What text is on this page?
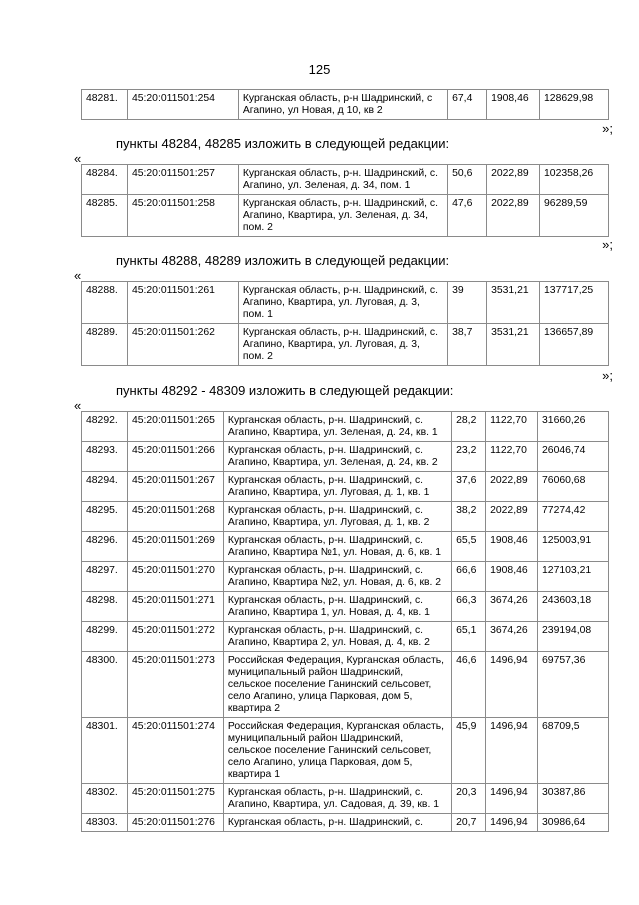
125
48281.	45:20:011501:254	Курганская область, р-н Шадринский, с Агапино, ул Новая, д 10, кв 2	67,4	1908,46	128629,98
»;
пункты 48284, 48285 изложить в следующей редакции:
«
48284.	45:20:011501:257	Курганская область, р-н. Шадринский, с. Агапино, ул. Зеленая, д. 34, пом. 1	50,6	2022,89	102358,26
48285.	45:20:011501:258	Курганская область, р-н. Шадринский, с. Агапино, Квартира, ул. Зеленая, д. 34, пом. 2	47,6	2022,89	96289,59
»;
пункты 48288, 48289 изложить в следующей редакции:
«
48288.	45:20:011501:261	Курганская область, р-н. Шадринский, с. Агапино, Квартира, ул. Луговая, д. 3, пом. 1	39	3531,21	137717,25
48289.	45:20:011501:262	Курганская область, р-н. Шадринский, с. Агапино, Квартира, ул. Луговая, д. 3, пом. 2	38,7	3531,21	136657,89
»;
пункты 48292 - 48309 изложить в следующей редакции:
«
48292.	45:20:011501:265	Курганская область, р-н. Шадринский, с. Агапино, Квартира, ул. Зеленая, д. 24, кв. 1	28,2	1122,70	31660,26
48293.	45:20:011501:266	Курганская область, р-н. Шадринский, с. Агапино, Квартира, ул. Зеленая, д. 24, кв. 2	23,2	1122,70	26046,74
48294.	45:20:011501:267	Курганская область, р-н. Шадринский, с. Агапино, Квартира, ул. Луговая, д. 1, кв. 1	37,6	2022,89	76060,68
48295.	45:20:011501:268	Курганская область, р-н. Шадринский, с. Агапино, Квартира, ул. Луговая, д. 1, кв. 2	38,2	2022,89	77274,42
48296.	45:20:011501:269	Курганская область, р-н. Шадринский, с. Агапино, Квартира №1, ул. Новая, д. 6, кв. 1	65,5	1908,46	125003,91
48297.	45:20:011501:270	Курганская область, р-н. Шадринский, с. Агапино, Квартира №2, ул. Новая, д. 6, кв. 2	66,6	1908,46	127103,21
48298.	45:20:011501:271	Курганская область, р-н. Шадринский, с. Агапино, Квартира 1, ул. Новая, д. 4, кв. 1	66,3	3674,26	243603,18
48299.	45:20:011501:272	Курганская область, р-н. Шадринский, с. Агапино, Квартира 2, ул. Новая, д. 4, кв. 2	65,1	3674,26	239194,08
48300.	45:20:011501:273	Российская Федерация, Курганская область, муниципальный район Шадринский, сельское поселение Ганинский сельсовет, село Агапино, улица Парковая, дом 5, квартира 2	46,6	1496,94	69757,36
48301.	45:20:011501:274	Российская Федерация, Курганская область, муниципальный район Шадринский, сельское поселение Ганинский сельсовет, село Агапино, улица Парковая, дом 5, квартира 1	45,9	1496,94	68709,5
48302.	45:20:011501:275	Курганская область, р-н. Шадринский, с. Агапино, Квартира, ул. Садовая, д. 39, кв. 1	20,3	1496,94	30387,86
48303.	45:20:011501:276	Курганская область, р-н. Шадринский, с.	20,7	1496,94	30986,64
